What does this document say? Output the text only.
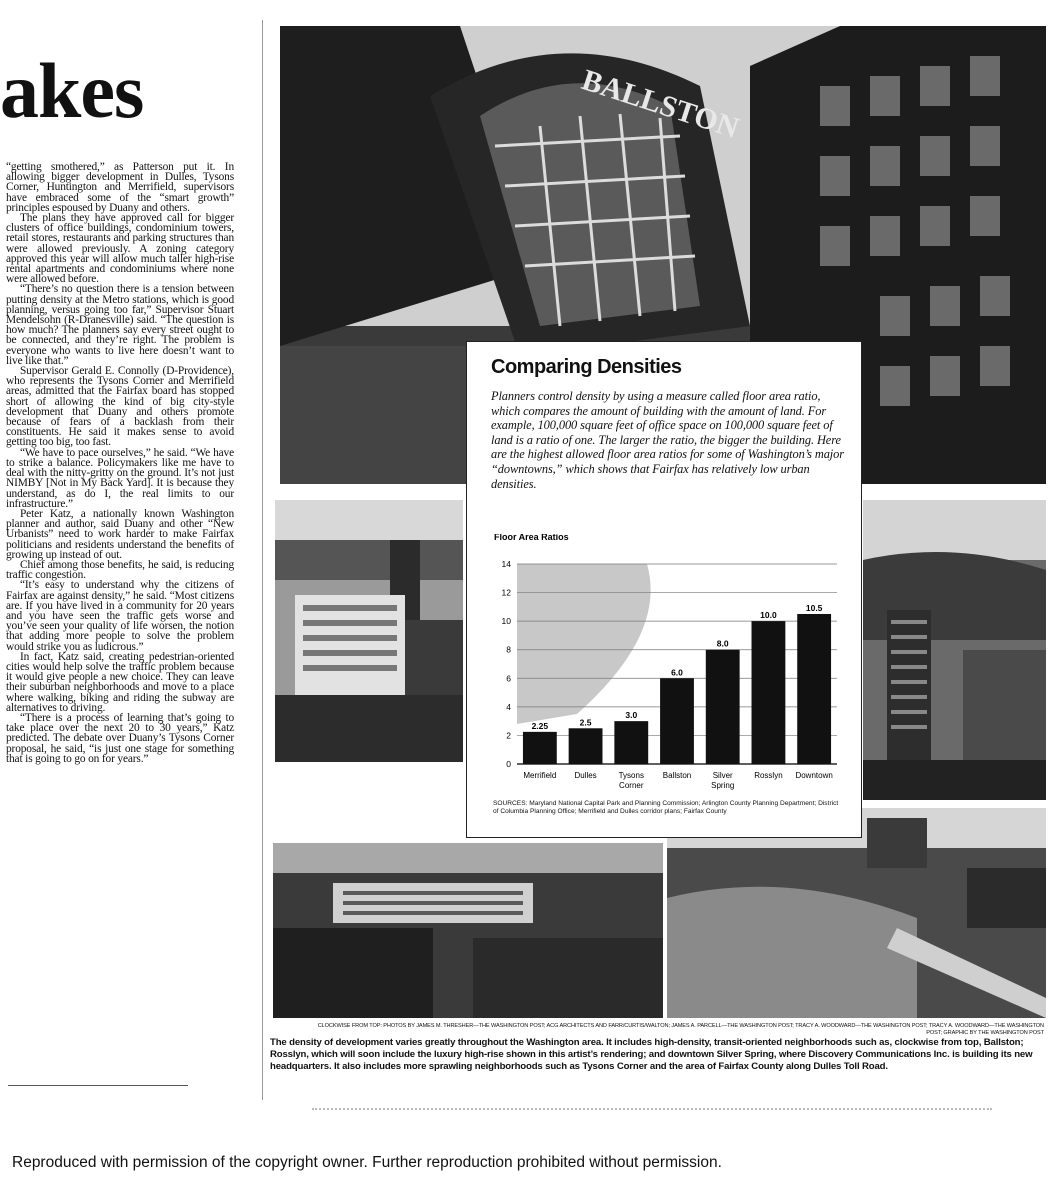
akes

“getting smothered,” as Patterson put it. In allowing bigger development in Dulles, Tysons Corner, Huntington and Merrifield, supervisors have embraced some of the “smart growth” principles espoused by Duany and others.

The plans they have approved call for bigger clusters of office buildings, condominium towers, retail stores, restaurants and parking structures than were allowed previously. A zoning category approved this year will allow much taller high-rise rental apartments and condominiums where none were allowed before.

“There’s no question there is a tension between putting density at the Metro stations, which is good planning, versus going too far,” Supervisor Stuart Mendelsohn (R-Dranesville) said. “The question is how much? The planners say every street ought to be connected, and they’re right. The problem is everyone who wants to live here doesn’t want to live like that.”

Supervisor Gerald E. Connolly (D-Providence), who represents the Tysons Corner and Merrifield areas, admitted that the Fairfax board has stopped short of allowing the kind of big city-style development that Duany and others promote because of fears of a backlash from their constituents. He said it makes sense to avoid getting too big, too fast.

“We have to pace ourselves,” he said. “We have to strike a balance. Policymakers like me have to deal with the nitty-gritty on the ground. It’s not just NIMBY [Not in My Back Yard]. It is because they understand, as do I, the real limits to our infrastructure.”

Peter Katz, a nationally known Washington planner and author, said Duany and other “New Urbanists” need to work harder to make Fairfax politicians and residents understand the benefits of growing up instead of out.

Chief among those benefits, he said, is reducing traffic congestion.

“It’s easy to understand why the citizens of Fairfax are against density,” he said. “Most citizens are. If you have lived in a community for 20 years and you have seen the traffic gets worse and you’ve seen your quality of life worsen, the notion that adding more people to solve the problem would strike you as ludicrous.”

In fact, Katz said, creating pedestrian-oriented cities would help solve the traffic problem because it would give people a new choice. They can leave their suburban neighborhoods and move to a place where walking, biking and riding the subway are alternatives to driving.

“There is a process of learning that’s going to take place over the next 20 to 30 years,” Katz predicted. The debate over Duany’s Tysons Corner proposal, he said, “is just one stage for something that is going to go on for years.”

BALLSTON
Comparing Densities
Planners control density by using a measure called floor area ratio, which compares the amount of building with the amount of land. For example, 100,000 square feet of office space on 100,000 square feet of land is a ratio of one. The larger the ratio, the bigger the building. Here are the highest allowed floor area ratios for some of Washington’s major “downtowns,” which shows that Fairfax has relatively low urban densities.
Floor Area Ratios
0
2
4
6
8
10
12
14
2.25
Merrifield
2.5
Dulles
3.0
Tysons Corner
6.0
Ballston
8.0
Silver Spring
10.0
Rosslyn
10.5
Downtown
SOURCES: Maryland National Capital Park and Planning Commission; Arlington County Planning Department; District of Columbia Planning Office; Merrifield and Dulles corridor plans; Fairfax County
CLOCKWISE FROM TOP: PHOTOS BY JAMES M. THRESHER—THE WASHINGTON POST; ACG ARCHITECTS AND FARR/CURTIS/WALTON; JAMES A. PARCELL—THE WASHINGTON POST; TRACY A. WOODWARD—THE WASHINGTON POST; TRACY A. WOODWARD—THE WASHINGTON POST; GRAPHIC BY THE WASHINGTON POST
The density of development varies greatly throughout the Washington area. It includes high-density, transit-oriented neighborhoods such as, clockwise from top, Ballston; Rosslyn, which will soon include the luxury high-rise shown in this artist’s rendering; and downtown Silver Spring, where Discovery Communications Inc. is building its new headquarters. It also includes more sprawling neighborhoods such as Tysons Corner and the area of Fairfax County along Dulles Toll Road.
Reproduced with permission of the copyright owner. Further reproduction prohibited without permission.
